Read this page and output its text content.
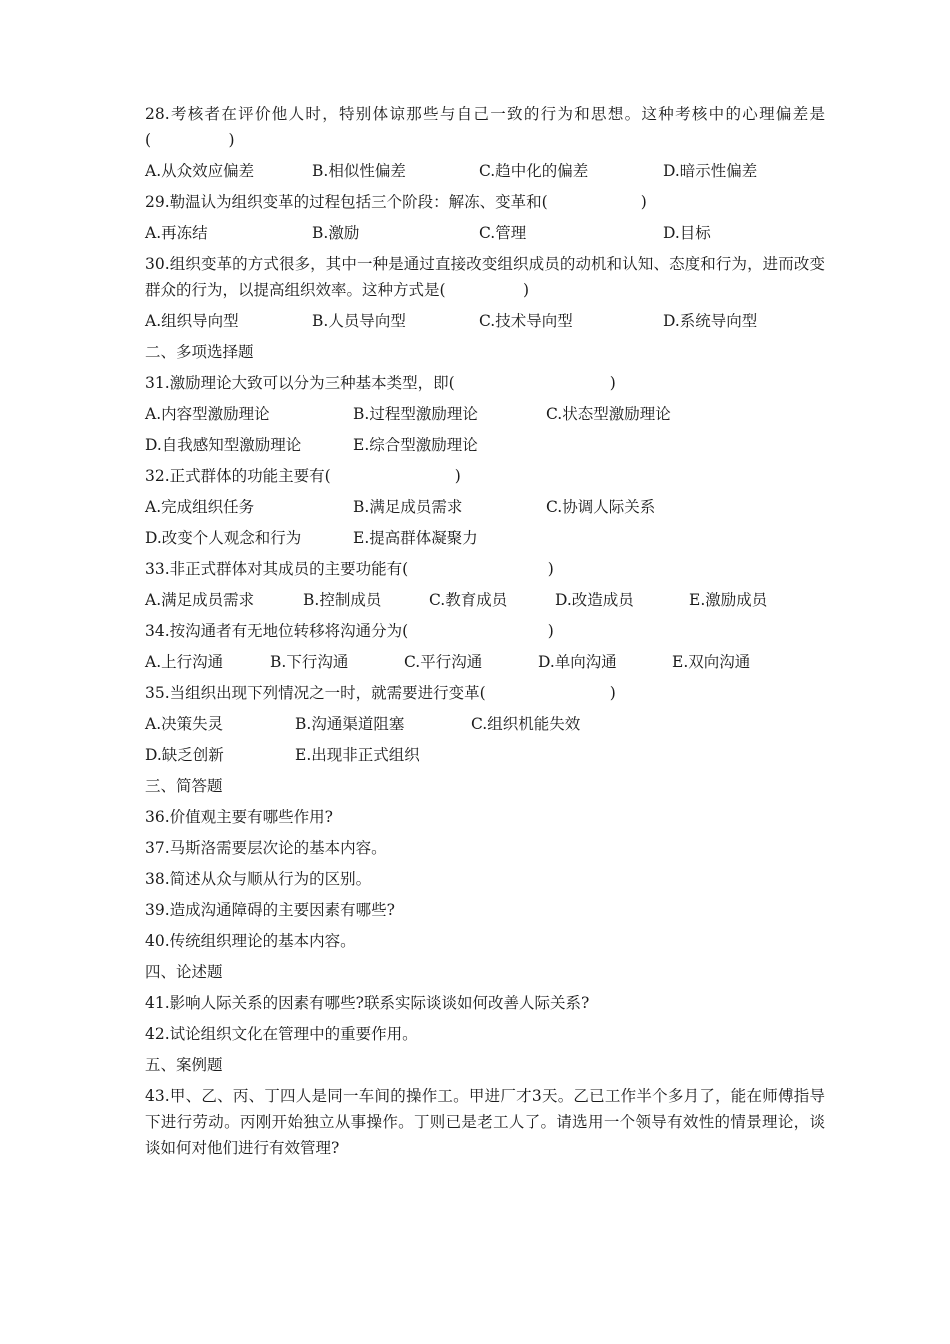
28.考核者在评价他人时，特别体谅那些与自己一致的行为和思想。这种考核中的心理偏差是(　　　　　)
A.从众效应偏差	B.相似性偏差	C.趋中化的偏差	D.暗示性偏差
29.勒温认为组织变革的过程包括三个阶段：解冻、变革和(　　　　　　)
A.再冻结	B.激励	C.管理	D.目标
30.组织变革的方式很多，其中一种是通过直接改变组织成员的动机和认知、态度和行为，进而改变群众的行为，以提高组织效率。这种方式是(　　　　　)
A.组织导向型	B.人员导向型	C.技术导向型	D.系统导向型
二、多项选择题
31.激励理论大致可以分为三种基本类型，即(　　　　　　　　　　)
A.内容型激励理论	B.过程型激励理论	C.状态型激励理论
D.自我感知型激励理论	E.综合型激励理论
32.正式群体的功能主要有(　　　　　　　　)
A.完成组织任务	B.满足成员需求	C.协调人际关系
D.改变个人观念和行为	E.提高群体凝聚力
33.非正式群体对其成员的主要功能有(　　　　　　　　　)
A.满足成员需求	B.控制成员	C.教育成员	D.改造成员	E.激励成员
34.按沟通者有无地位转移将沟通分为(　　　　　　　　　)
A.上行沟通	B.下行沟通	C.平行沟通	D.单向沟通	E.双向沟通
35.当组织出现下列情况之一时，就需要进行变革(　　　　　　　　)
A.决策失灵	B.沟通渠道阻塞	C.组织机能失效
D.缺乏创新	E.出现非正式组织
三、简答题
36.价值观主要有哪些作用?
37.马斯洛需要层次论的基本内容。
38.简述从众与顺从行为的区别。
39.造成沟通障碍的主要因素有哪些?
40.传统组织理论的基本内容。
四、论述题
41.影响人际关系的因素有哪些?联系实际谈谈如何改善人际关系?
42.试论组织文化在管理中的重要作用。
五、案例题
43.甲、乙、丙、丁四人是同一车间的操作工。甲进厂才3天。乙已工作半个多月了，能在师傅指导下进行劳动。丙刚开始独立从事操作。丁则已是老工人了。请选用一个领导有效性的情景理论，谈谈如何对他们进行有效管理?
